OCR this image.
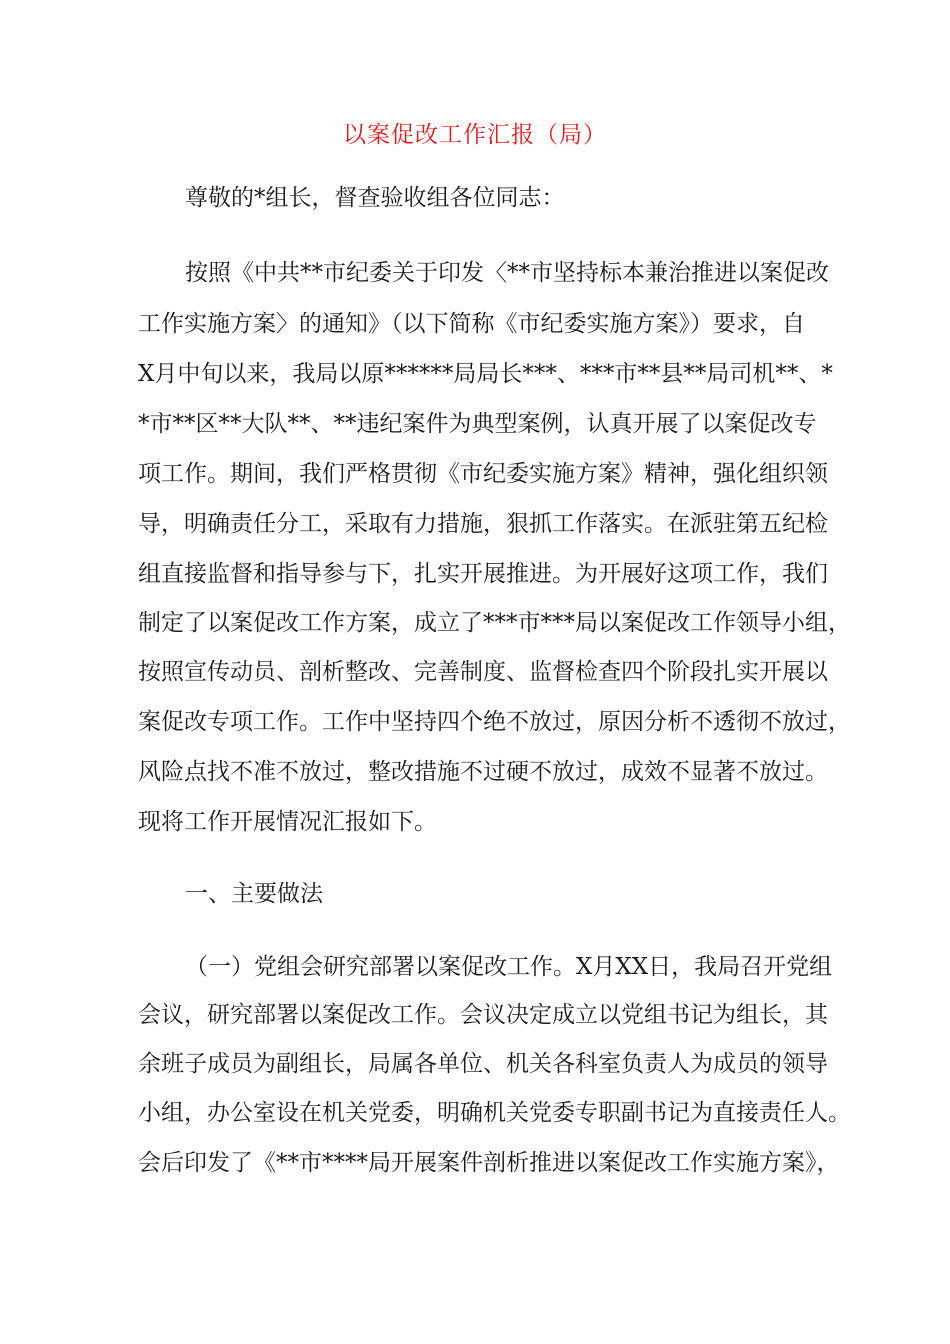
以案促改工作汇报（局）
尊敬的*组长，督查验收组各位同志：
按照《中共**市纪委关于印发〈**市坚持标本兼治推进以案促改
工作实施方案〉的通知》（以下简称《市纪委实施方案》）要求，自
X月中旬以来，我局以原******局局长***、***市**县**局司机**、*
*市**区**大队**、**违纪案件为典型案例，认真开展了以案促改专
项工作。期间，我们严格贯彻《市纪委实施方案》精神，强化组织领
导，明确责任分工，采取有力措施，狠抓工作落实。在派驻第五纪检
组直接监督和指导参与下，扎实开展推进。为开展好这项工作，我们
制定了以案促改工作方案，成立了***市***局以案促改工作领导小组，
按照宣传动员、剖析整改、完善制度、监督检查四个阶段扎实开展以
案促改专项工作。工作中坚持四个绝不放过，原因分析不透彻不放过，
风险点找不准不放过，整改措施不过硬不放过，成效不显著不放过。
现将工作开展情况汇报如下。
一、主要做法
（一）党组会研究部署以案促改工作。X月XX日，我局召开党组
会议，研究部署以案促改工作。会议决定成立以党组书记为组长，其
余班子成员为副组长，局属各单位、机关各科室负责人为成员的领导
小组，办公室设在机关党委，明确机关党委专职副书记为直接责任人。
会后印发了《**市****局开展案件剖析推进以案促改工作实施方案》，
